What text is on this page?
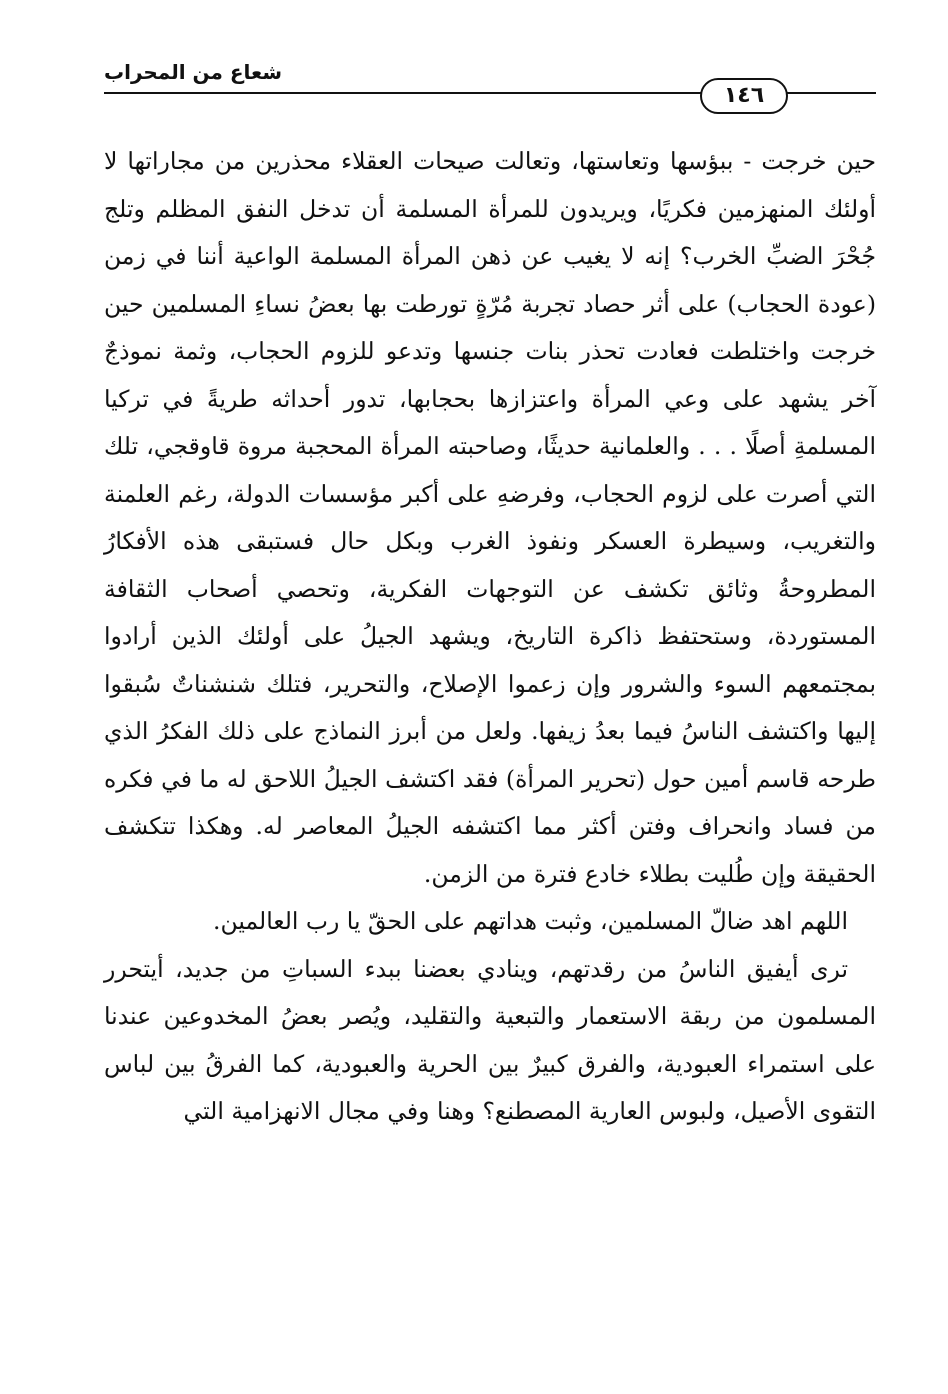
شعاع من المحراب
١٤٦

حين خرجت - ببؤسها وتعاستها، وتعالت صيحات العقلاء محذرين من مجاراتها لا أولئك المنهزمين فكريًا، ويريدون للمرأة المسلمة أن تدخل النفق المظلم وتلج جُحْرَ الضبِّ الخرب؟ إنه لا يغيب عن ذهن المرأة المسلمة الواعية أننا في زمن (عودة الحجاب) على أثر حصاد تجربة مُرّةٍ تورطت بها بعضُ نساءِ المسلمين حين خرجت واختلطت فعادت تحذر بنات جنسها وتدعو للزوم الحجاب، وثمة نموذجٌ آخر يشهد على وعي المرأة واعتزازها بحجابها، تدور أحداثه طريةً في تركيا المسلمةِ أصلًا . . . والعلمانية حديثًا، وصاحبته المرأة المحجبة مروة قاوقجي، تلك التي أصرت على لزوم الحجاب، وفرضهِ على أكبر مؤسسات الدولة، رغم العلمنة والتغريب، وسيطرة العسكر ونفوذ الغرب وبكل حال فستبقى هذه الأفكارُ المطروحةُ وثائق تكشف عن التوجهات الفكرية، وتحصي أصحاب الثقافة المستوردة، وستحتفظ ذاكرة التاريخ، ويشهد الجيلُ على أولئك الذين أرادوا بمجتمعهم السوء والشرور وإن زعموا الإصلاح، والتحرير، فتلك شنشناتٌ سُبقوا إليها واكتشف الناسُ فيما بعدُ زيفها. ولعل من أبرز النماذج على ذلك الفكرُ الذي طرحه قاسم أمين حول (تحرير المرأة) فقد اكتشف الجيلُ اللاحق له ما في فكره من فساد وانحراف وفتن أكثر مما اكتشفه الجيلُ المعاصر له. وهكذا تتكشف الحقيقة وإن طُليت بطلاء خادع فترة من الزمن.

اللهم اهد ضالّ المسلمين، وثبت هداتهم على الحقّ يا رب العالمين.

ترى أيفيق الناسُ من رقدتهم، وينادي بعضنا ببدء السباتِ من جديد، أيتحرر المسلمون من ربقة الاستعمار والتبعية والتقليد، ويُصر بعضُ المخدوعين عندنا على استمراء العبودية، والفرق كبيرٌ بين الحرية والعبودية، كما الفرقُ بين لباس التقوى الأصيل، ولبوس العارية المصطنع؟ وهنا وفي مجال الانهزامية التي
